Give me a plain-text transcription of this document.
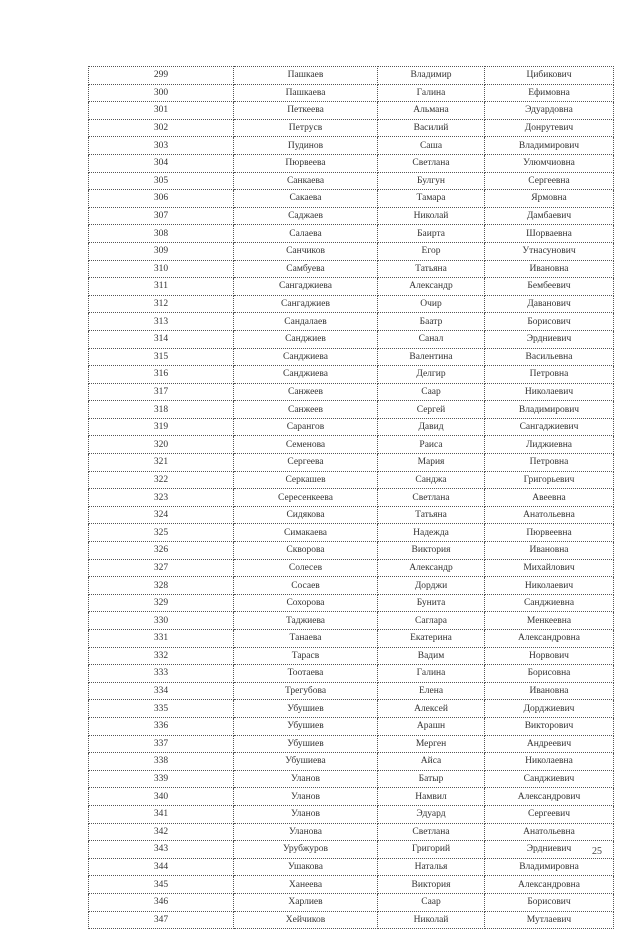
299	Пашкаев	Владимир	Цибикович
300	Пашкаева	Галина	Ефимовна
301	Петкеева	Альмана	Эдуардовна
302	Петрусв	Василий	Донрутевич
303	Пудинов	Саша	Владимирович
304	Пюрвеева	Светлана	Улюмчиовна
305	Санкаева	Булгун	Сергеевна
306	Сакаева	Тамара	Ярмовна
307	Саджаев	Николай	Дамбаевич
308	Салаева	Баирта	Шорваевна
309	Санчиков	Егор	Утнасунович
310	Самбуева	Татьяна	Ивановна
311	Сангаджиева	Александр	Бембеевич
312	Сангаджиев	Очир	Даванович
313	Сандалаев	Баатр	Борисович
314	Санджиев	Санал	Эрдниевич
315	Санджиева	Валентина	Васильевна
316	Санджиева	Делгир	Петровна
317	Санжеев	Саар	Николаевич
318	Санжеев	Сергей	Владимирович
319	Сарангов	Давид	Сангаджиевич
320	Семенова	Раиса	Лиджиевна
321	Сергеева	Мария	Петровна
322	Серкашев	Санджа	Григорьевич
323	Сересенкеева	Светлана	Авеевна
324	Сидякова	Татьяна	Анатольевна
325	Симакаева	Надежда	Пюрвеевна
326	Скворова	Виктория	Ивановна
327	Солесев	Александр	Михайлович
328	Сосаев	Дорджи	Николаевич
329	Сохорова	Бунита	Санджиевна
330	Таджиева	Саглара	Менкеевна
331	Танаева	Екатерина	Александровна
332	Тарасв	Вадим	Норвович
333	Тоотаева	Галина	Борисовна
334	Трегубова	Елена	Ивановна
335	Убушиев	Алексей	Дорджиевич
336	Убушиев	Арашн	Викторович
337	Убушиев	Мерген	Андреевич
338	Убушиева	Айса	Николаевна
339	Уланов	Батыр	Санджиевич
340	Уланов	Намвил	Александрович
341	Уланов	Эдуард	Сергеевич
342	Уланова	Светлана	Анатольевна
343	Урубжуров	Григорий	Эрдниевич
344	Ушакова	Наталья	Владимировна
345	Ханеева	Виктория	Александровна
346	Харлиев	Саар	Борисович
347	Хейчиков	Николай	Мутлаевич
25
